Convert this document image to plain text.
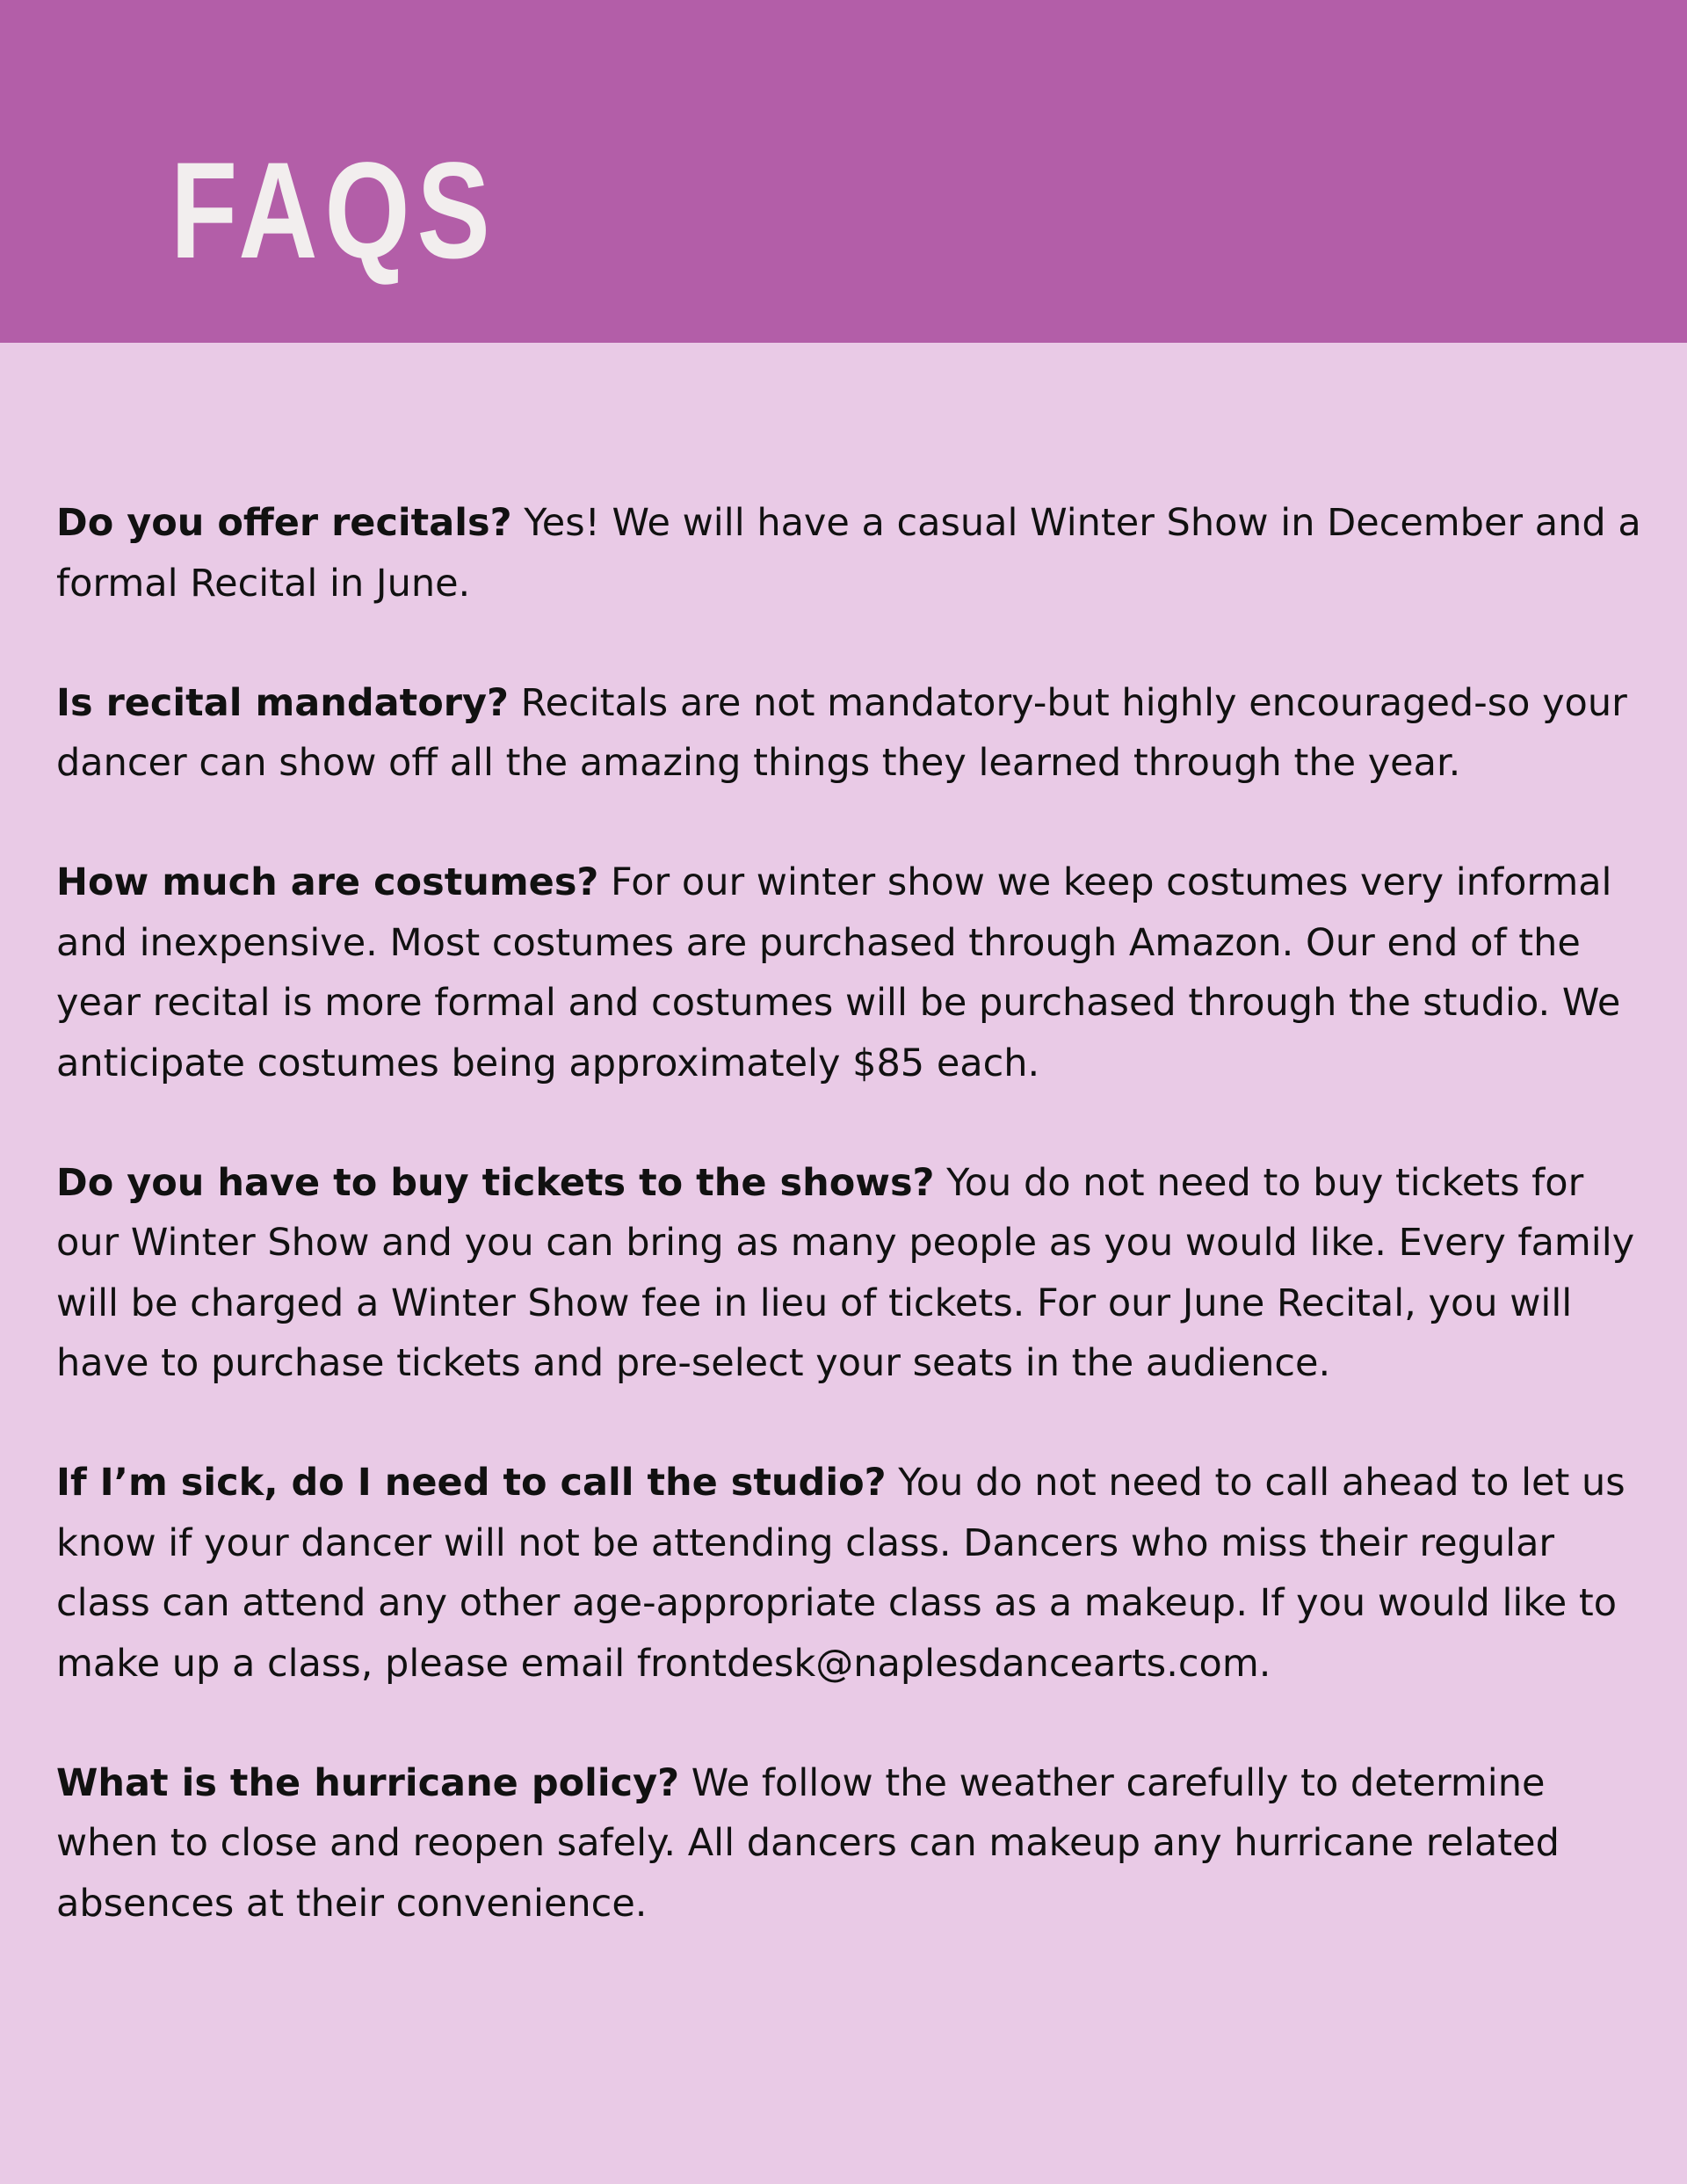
FAQS

Do you offer recitals? Yes! We will have a casual Winter Show in December and a formal Recital in June.

Is recital mandatory? Recitals are not mandatory-but highly encouraged-so your dancer can show off all the amazing things they learned through the year.

How much are costumes? For our winter show we keep costumes very informal and inexpensive. Most costumes are purchased through Amazon. Our end of the year recital is more formal and costumes will be purchased through the studio. We anticipate costumes being approximately $85 each.

Do you have to buy tickets to the shows? You do not need to buy tickets for our Winter Show and you can bring as many people as you would like. Every family will be charged a Winter Show fee in lieu of tickets. For our June Recital, you will have to purchase tickets and pre-select your seats in the audience.

If I’m sick, do I need to call the studio? You do not need to call ahead to let us know if your dancer will not be attending class. Dancers who miss their regular class can attend any other age-appropriate class as a makeup. If you would like to make up a class, please email frontdesk@naplesdancearts.com.

What is the hurricane policy? We follow the weather carefully to determine when to close and reopen safely. All dancers can makeup any hurricane related absences at their convenience.
